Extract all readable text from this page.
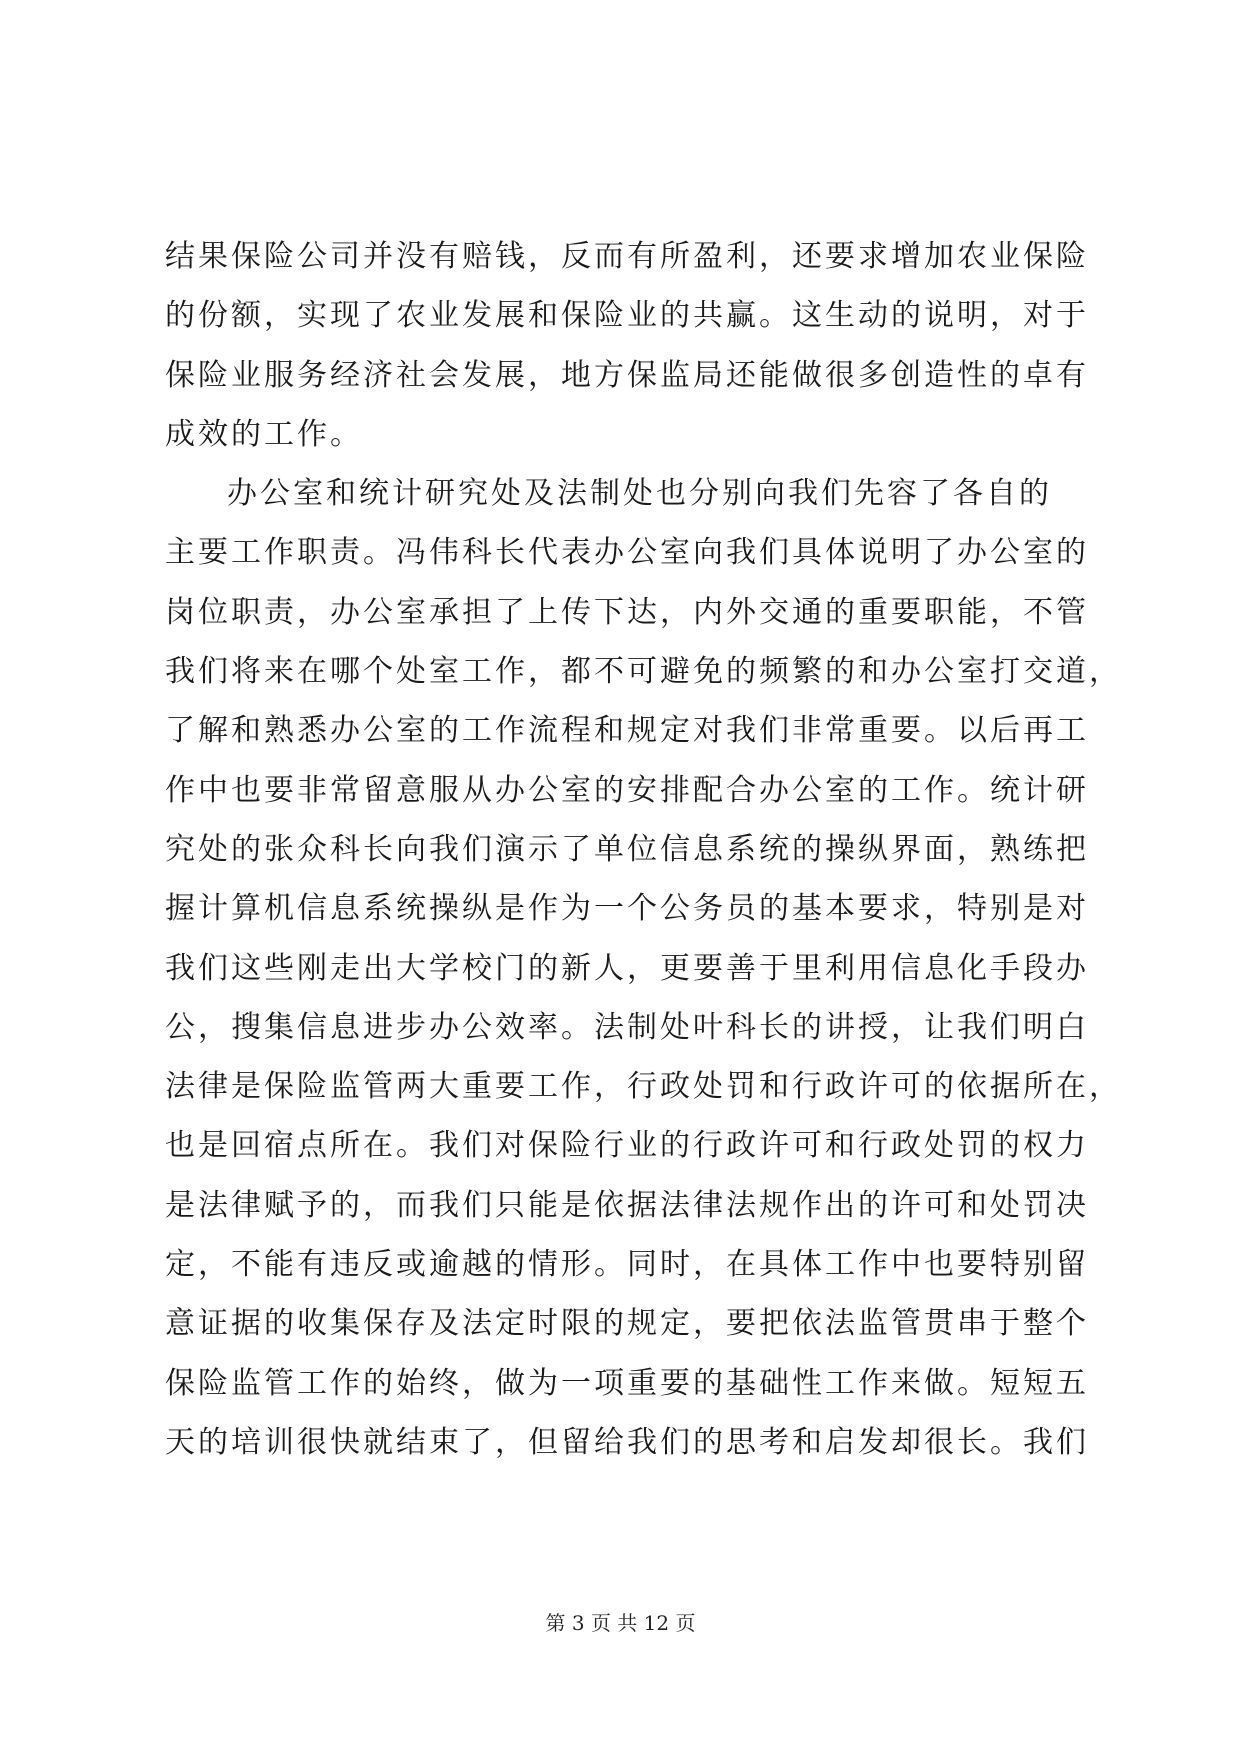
结果保险公司并没有赔钱，反而有所盈利，还要求增加农业保险
的份额，实现了农业发展和保险业的共赢。这生动的说明，对于
保险业服务经济社会发展，地方保监局还能做很多创造性的卓有
成效的工作。
办公室和统计研究处及法制处也分别向我们先容了各自的
主要工作职责。冯伟科长代表办公室向我们具体说明了办公室的
岗位职责，办公室承担了上传下达，内外交通的重要职能，不管
我们将来在哪个处室工作，都不可避免的频繁的和办公室打交道，
了解和熟悉办公室的工作流程和规定对我们非常重要。以后再工
作中也要非常留意服从办公室的安排配合办公室的工作。统计研
究处的张众科长向我们演示了单位信息系统的操纵界面，熟练把
握计算机信息系统操纵是作为一个公务员的基本要求，特别是对
我们这些刚走出大学校门的新人，更要善于里利用信息化手段办
公，搜集信息进步办公效率。法制处叶科长的讲授，让我们明白
法律是保险监管两大重要工作，行政处罚和行政许可的依据所在，
也是回宿点所在。我们对保险行业的行政许可和行政处罚的权力
是法律赋予的，而我们只能是依据法律法规作出的许可和处罚决
定，不能有违反或逾越的情形。同时，在具体工作中也要特别留
意证据的收集保存及法定时限的规定，要把依法监管贯串于整个
保险监管工作的始终，做为一项重要的基础性工作来做。短短五
天的培训很快就结束了，但留给我们的思考和启发却很长。我们
第 3 页 共 12 页
